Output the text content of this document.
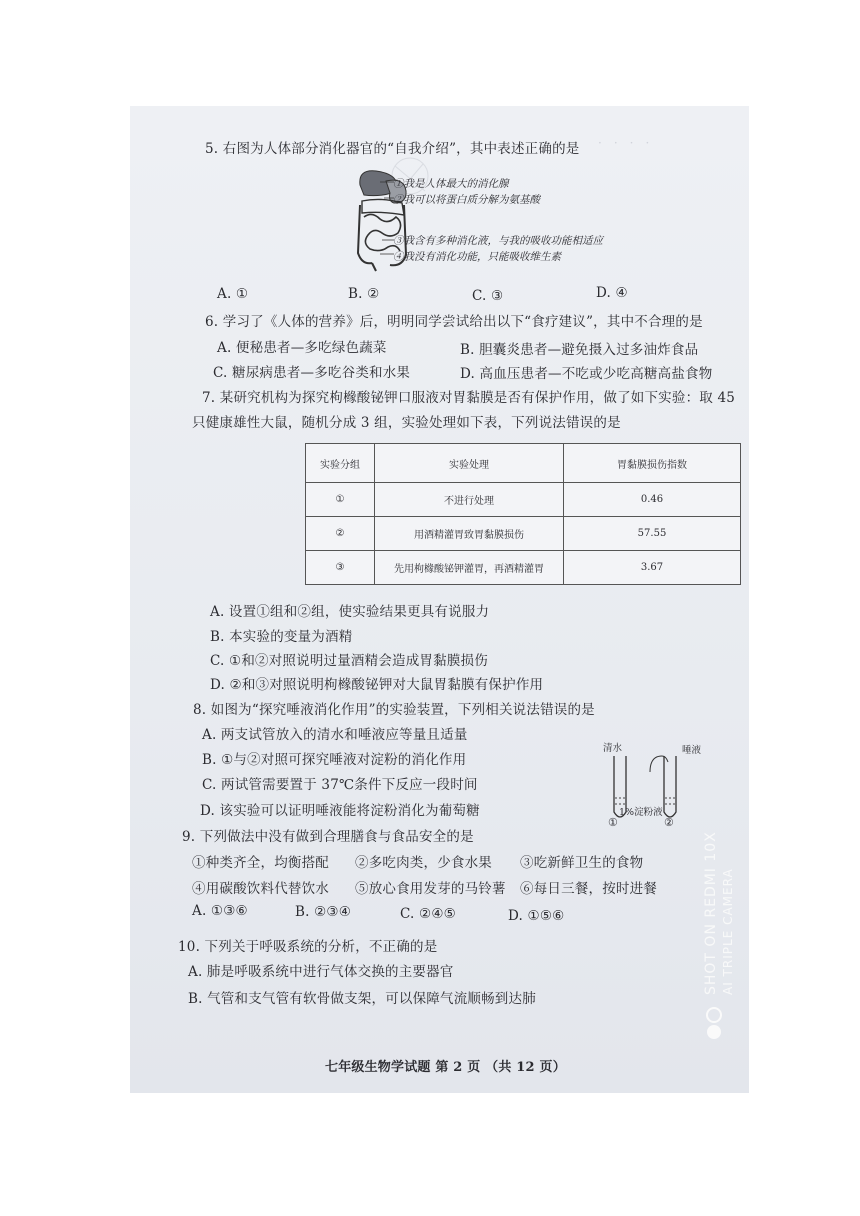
·　·　·　·
5. 右图为人体部分消化器官的“自我介绍”，其中表述正确的是
①我是人体最大的消化腺
②我可以将蛋白质分解为氨基酸
③我含有多种消化液，与我的吸收功能相适应
④我没有消化功能，只能吸收维生素
A. ①	B. ②	C. ③	D. ④
6. 学习了《人体的营养》后，明明同学尝试给出以下“食疗建议”，其中不合理的是
A. 便秘患者—多吃绿色蔬菜	B. 胆囊炎患者—避免摄入过多油炸食品
C. 糖尿病患者—多吃谷类和水果	D. 高血压患者—不吃或少吃高糖高盐食物
7. 某研究机构为探究枸橼酸铋钾口服液对胃黏膜是否有保护作用，做了如下实验：取 45
只健康雄性大鼠，随机分成 3 组，实验处理如下表，下列说法错误的是
实验分组	实验处理	胃黏膜损伤指数
①	不进行处理	0.46
②	用酒精灌胃致胃黏膜损伤	57.55
③	先用枸橼酸铋钾灌胃，再酒精灌胃	3.67
A. 设置①组和②组，使实验结果更具有说服力
B. 本实验的变量为酒精
C. ①和②对照说明过量酒精会造成胃黏膜损伤
D. ②和③对照说明枸橼酸铋钾对大鼠胃黏膜有保护作用
8. 如图为“探究唾液消化作用”的实验装置，下列相关说法错误的是
A. 两支试管放入的清水和唾液应等量且适量
B. ①与②对照可探究唾液对淀粉的消化作用
C. 两试管需要置于 37℃条件下反应一段时间
D. 该实验可以证明唾液能将淀粉消化为葡萄糖
清水	唾液
1%淀粉液
①	②
9. 下列做法中没有做到合理膳食与食品安全的是
①种类齐全，均衡搭配 ②多吃肉类，少食水果 ③吃新鲜卫生的食物
④用碳酸饮料代替饮水 ⑤放心食用发芽的马铃薯 ⑥每日三餐，按时进餐
A. ①③⑥	B. ②③④	C. ②④⑤	D. ①⑤⑥
10. 下列关于呼吸系统的分析，不正确的是
A. 肺是呼吸系统中进行气体交换的主要器官
B. 气管和支气管有软骨做支架，可以保障气流顺畅到达肺
七年级生物学试题 第 2 页 （共 12 页）
SHOT ON REDMI 10X AI TRIPLE CAMERA
